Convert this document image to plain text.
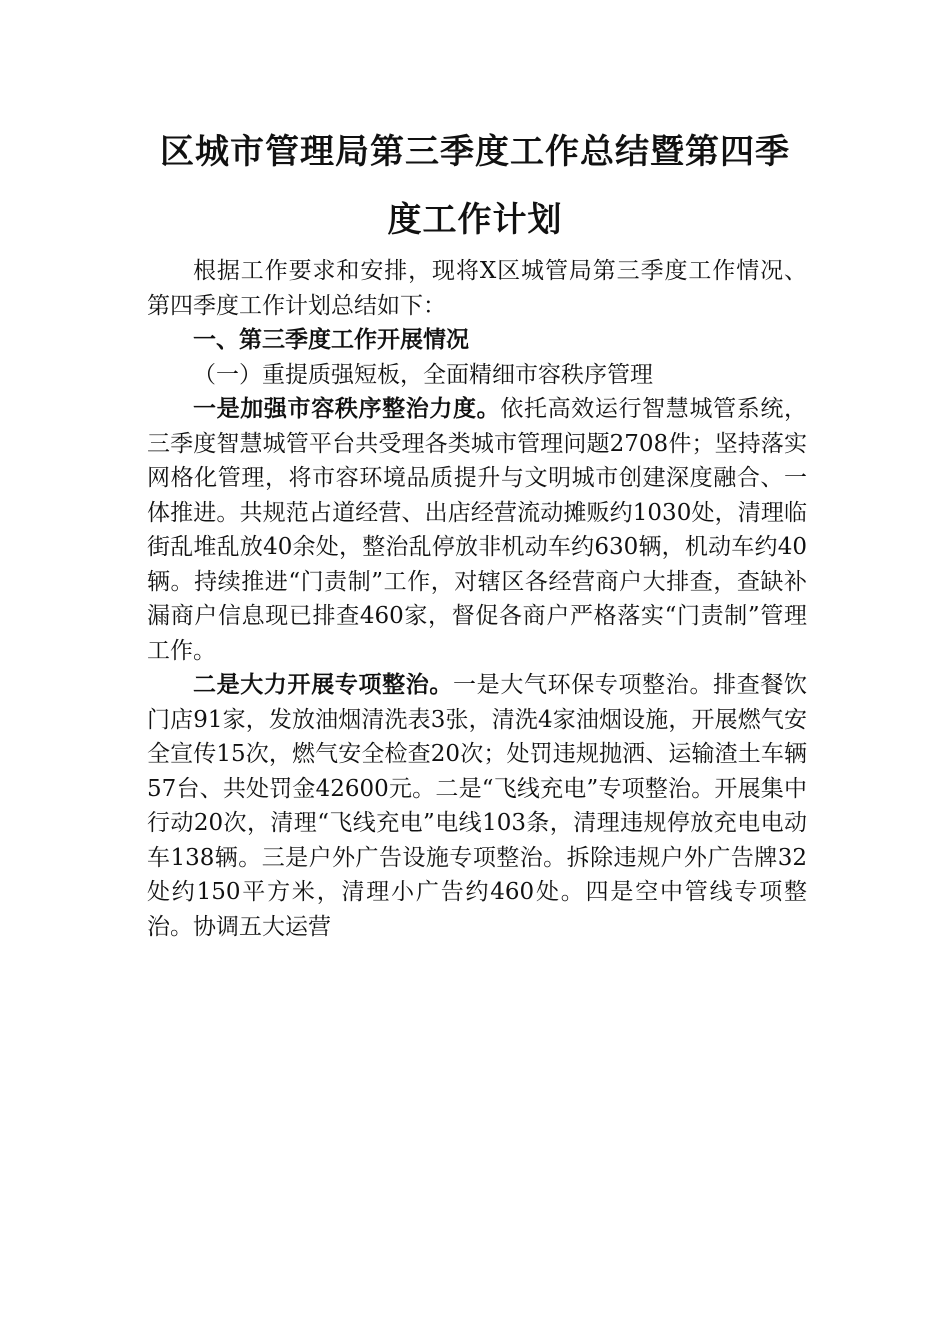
区城市管理局第三季度工作总结暨第四季
度工作计划

根据工作要求和安排，现将X区城管局第三季度工作情况、第四季度工作计划总结如下：

一、第三季度工作开展情况

（一）重提质强短板，全面精细市容秩序管理

一是加强市容秩序整治力度。依托高效运行智慧城管系统，三季度智慧城管平台共受理各类城市管理问题2708件；坚持落实网格化管理，将市容环境品质提升与文明城市创建深度融合、一体推进。共规范占道经营、出店经营流动摊贩约1030处，清理临街乱堆乱放40余处，整治乱停放非机动车约630辆，机动车约40辆。持续推进“门责制”工作，对辖区各经营商户大排查，查缺补漏商户信息现已排查460家，督促各商户严格落实“门责制”管理工作。

二是大力开展专项整治。一是大气环保专项整治。排查餐饮门店91家，发放油烟清洗表3张，清洗4家油烟设施，开展燃气安全宣传15次，燃气安全检查20次；处罚违规抛洒、运输渣土车辆57台、共处罚金42600元。二是“飞线充电”专项整治。开展集中行动20次，清理“飞线充电”电线103条，清理违规停放充电电动车138辆。三是户外广告设施专项整治。拆除违规户外广告牌32处约150平方米，清理小广告约460处。四是空中管线专项整治。协调五大运营
